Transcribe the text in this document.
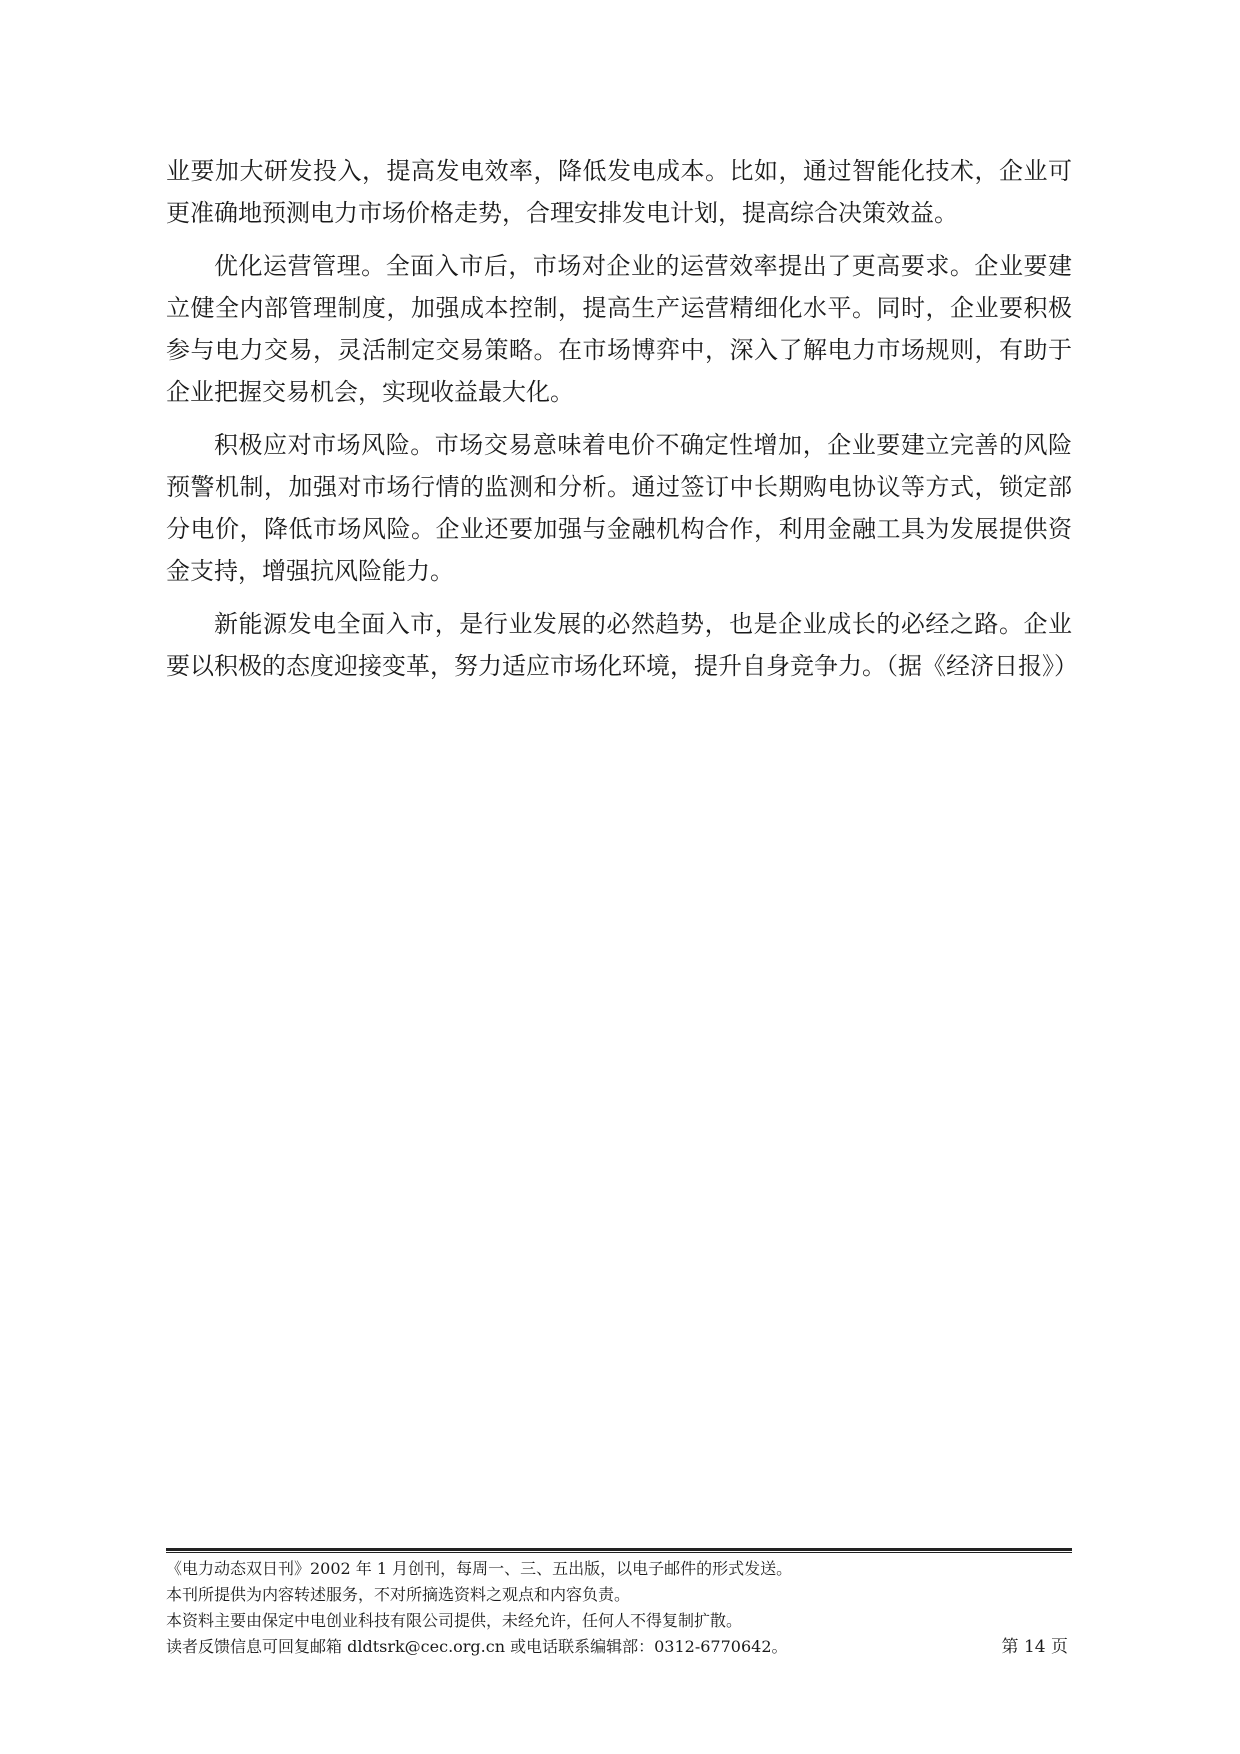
业要加大研发投入，提高发电效率，降低发电成本。比如，通过智能化技术，企业可更准确地预测电力市场价格走势，合理安排发电计划，提高综合决策效益。

优化运营管理。全面入市后，市场对企业的运营效率提出了更高要求。企业要建立健全内部管理制度，加强成本控制，提高生产运营精细化水平。同时，企业要积极参与电力交易，灵活制定交易策略。在市场博弈中，深入了解电力市场规则，有助于企业把握交易机会，实现收益最大化。

积极应对市场风险。市场交易意味着电价不确定性增加，企业要建立完善的风险预警机制，加强对市场行情的监测和分析。通过签订中长期购电协议等方式，锁定部分电价，降低市场风险。企业还要加强与金融机构合作，利用金融工具为发展提供资金支持，增强抗风险能力。

新能源发电全面入市，是行业发展的必然趋势，也是企业成长的必经之路。企业要以积极的态度迎接变革，努力适应市场化环境，提升自身竞争力。（据《经济日报》）

《电力动态双日刊》2002 年 1 月创刊，每周一、三、五出版，以电子邮件的形式发送。
本刊所提供为内容转述服务，不对所摘选资料之观点和内容负责。
本资料主要由保定中电创业科技有限公司提供，未经允许，任何人不得复制扩散。
读者反馈信息可回复邮箱 dldtsrk@cec.org.cn 或电话联系编辑部：0312-6770642。	第 14 页
